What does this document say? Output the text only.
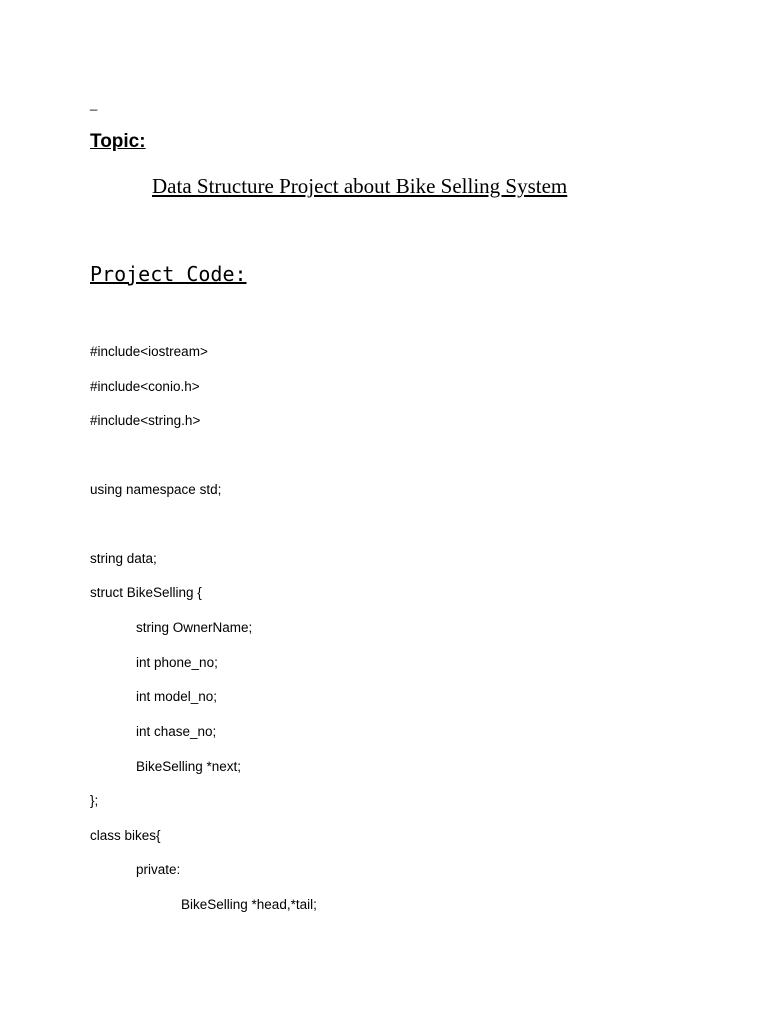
_
Topic:
Data Structure Project about Bike Selling System
Project Code:
#include<iostream>
#include<conio.h>
#include<string.h>
using namespace std;
string data;
struct BikeSelling {
string OwnerName;
int phone_no;
int model_no;
int chase_no;
BikeSelling *next;
};
class bikes{
private:
BikeSelling *head,*tail;
